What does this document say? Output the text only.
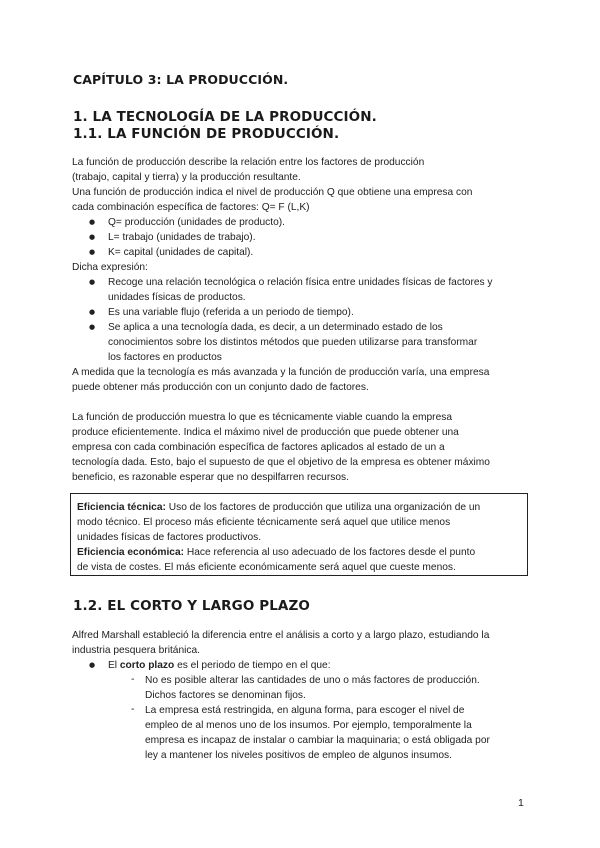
CAPÍTULO 3: LA PRODUCCIÓN.
1. LA TECNOLOGÍA DE LA PRODUCCIÓN.
1.1. LA FUNCIÓN DE PRODUCCIÓN.
La función de producción describe la relación entre los factores de producción
(trabajo, capital y tierra) y la producción resultante.
Una función de producción indica el nivel de producción Q que obtiene una empresa con
cada combinación específica de factores: Q= F (L,K)
● Q= producción (unidades de producto).
● L= trabajo (unidades de trabajo).
● K= capital (unidades de capital).
Dicha expresión:
● Recoge una relación tecnológica o relación física entre unidades físicas de factores y
unidades físicas de productos.
● Es una variable flujo (referida a un periodo de tiempo).
● Se aplica a una tecnología dada, es decir, a un determinado estado de los
conocimientos sobre los distintos métodos que pueden utilizarse para transformar
los factores en productos
A medida que la tecnología es más avanzada y la función de producción varía, una empresa
puede obtener más producción con un conjunto dado de factores.
La función de producción muestra lo que es técnicamente viable cuando la empresa
produce eficientemente. Indica el máximo nivel de producción que puede obtener una
empresa con cada combinación específica de factores aplicados al estado de un a
tecnología dada. Esto, bajo el supuesto de que el objetivo de la empresa es obtener máximo
beneficio, es razonable esperar que no despilfarren recursos.
Eficiencia técnica: Uso de los factores de producción que utiliza una organización de un
modo técnico. El proceso más eficiente técnicamente será aquel que utilice menos
unidades físicas de factores productivos.
Eficiencia económica: Hace referencia al uso adecuado de los factores desde el punto
de vista de costes. El más eficiente económicamente será aquel que cueste menos.
1.2. EL CORTO Y LARGO PLAZO
Alfred Marshall estableció la diferencia entre el análisis a corto y a largo plazo, estudiando la
industria pesquera británica.
● El corto plazo es el periodo de tiempo en el que:
- No es posible alterar las cantidades de uno o más factores de producción.
Dichos factores se denominan fijos.
- La empresa está restringida, en alguna forma, para escoger el nivel de
empleo de al menos uno de los insumos. Por ejemplo, temporalmente la
empresa es incapaz de instalar o cambiar la maquinaria; o está obligada por
ley a mantener los niveles positivos de empleo de algunos insumos.
1
